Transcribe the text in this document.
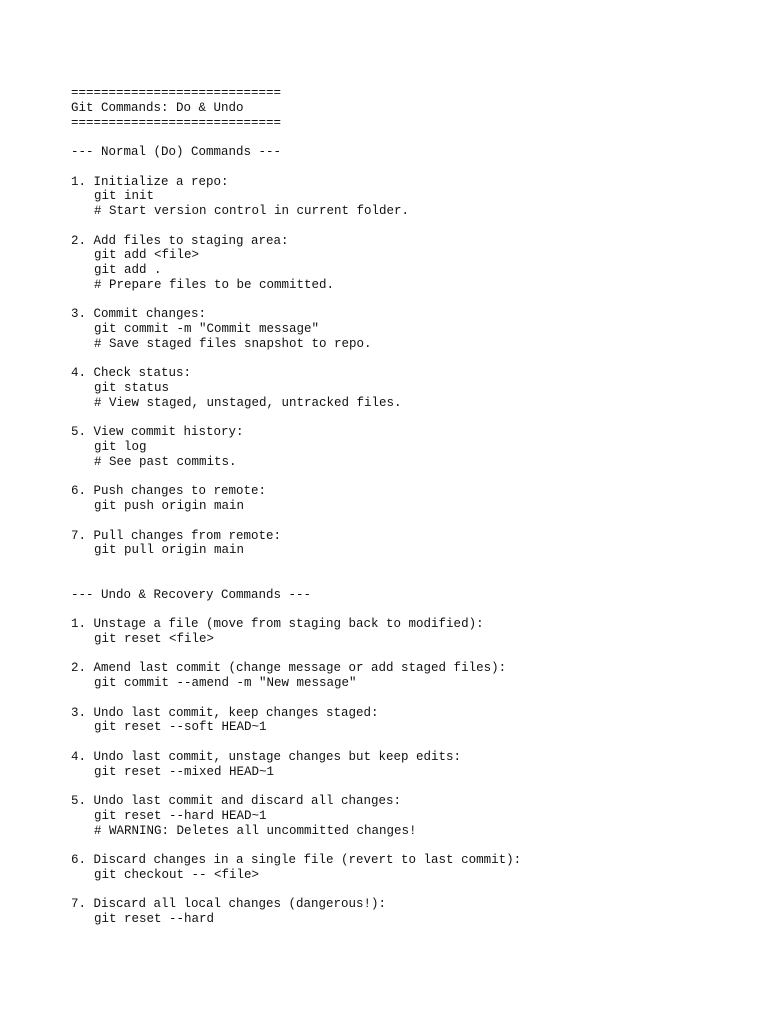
============================
Git Commands: Do & Undo
============================
--- Normal (Do) Commands ---
1. Initialize a repo:
git init
# Start version control in current folder.
2. Add files to staging area:
git add <file>
git add .
# Prepare files to be committed.
3. Commit changes:
git commit -m "Commit message"
# Save staged files snapshot to repo.
4. Check status:
git status
# View staged, unstaged, untracked files.
5. View commit history:
git log
# See past commits.
6. Push changes to remote:
git push origin main
7. Pull changes from remote:
git pull origin main
--- Undo & Recovery Commands ---
1. Unstage a file (move from staging back to modified):
git reset <file>
2. Amend last commit (change message or add staged files):
git commit --amend -m "New message"
3. Undo last commit, keep changes staged:
git reset --soft HEAD~1
4. Undo last commit, unstage changes but keep edits:
git reset --mixed HEAD~1
5. Undo last commit and discard all changes:
git reset --hard HEAD~1
# WARNING: Deletes all uncommitted changes!
6. Discard changes in a single file (revert to last commit):
git checkout -- <file>
7. Discard all local changes (dangerous!):
git reset --hard
